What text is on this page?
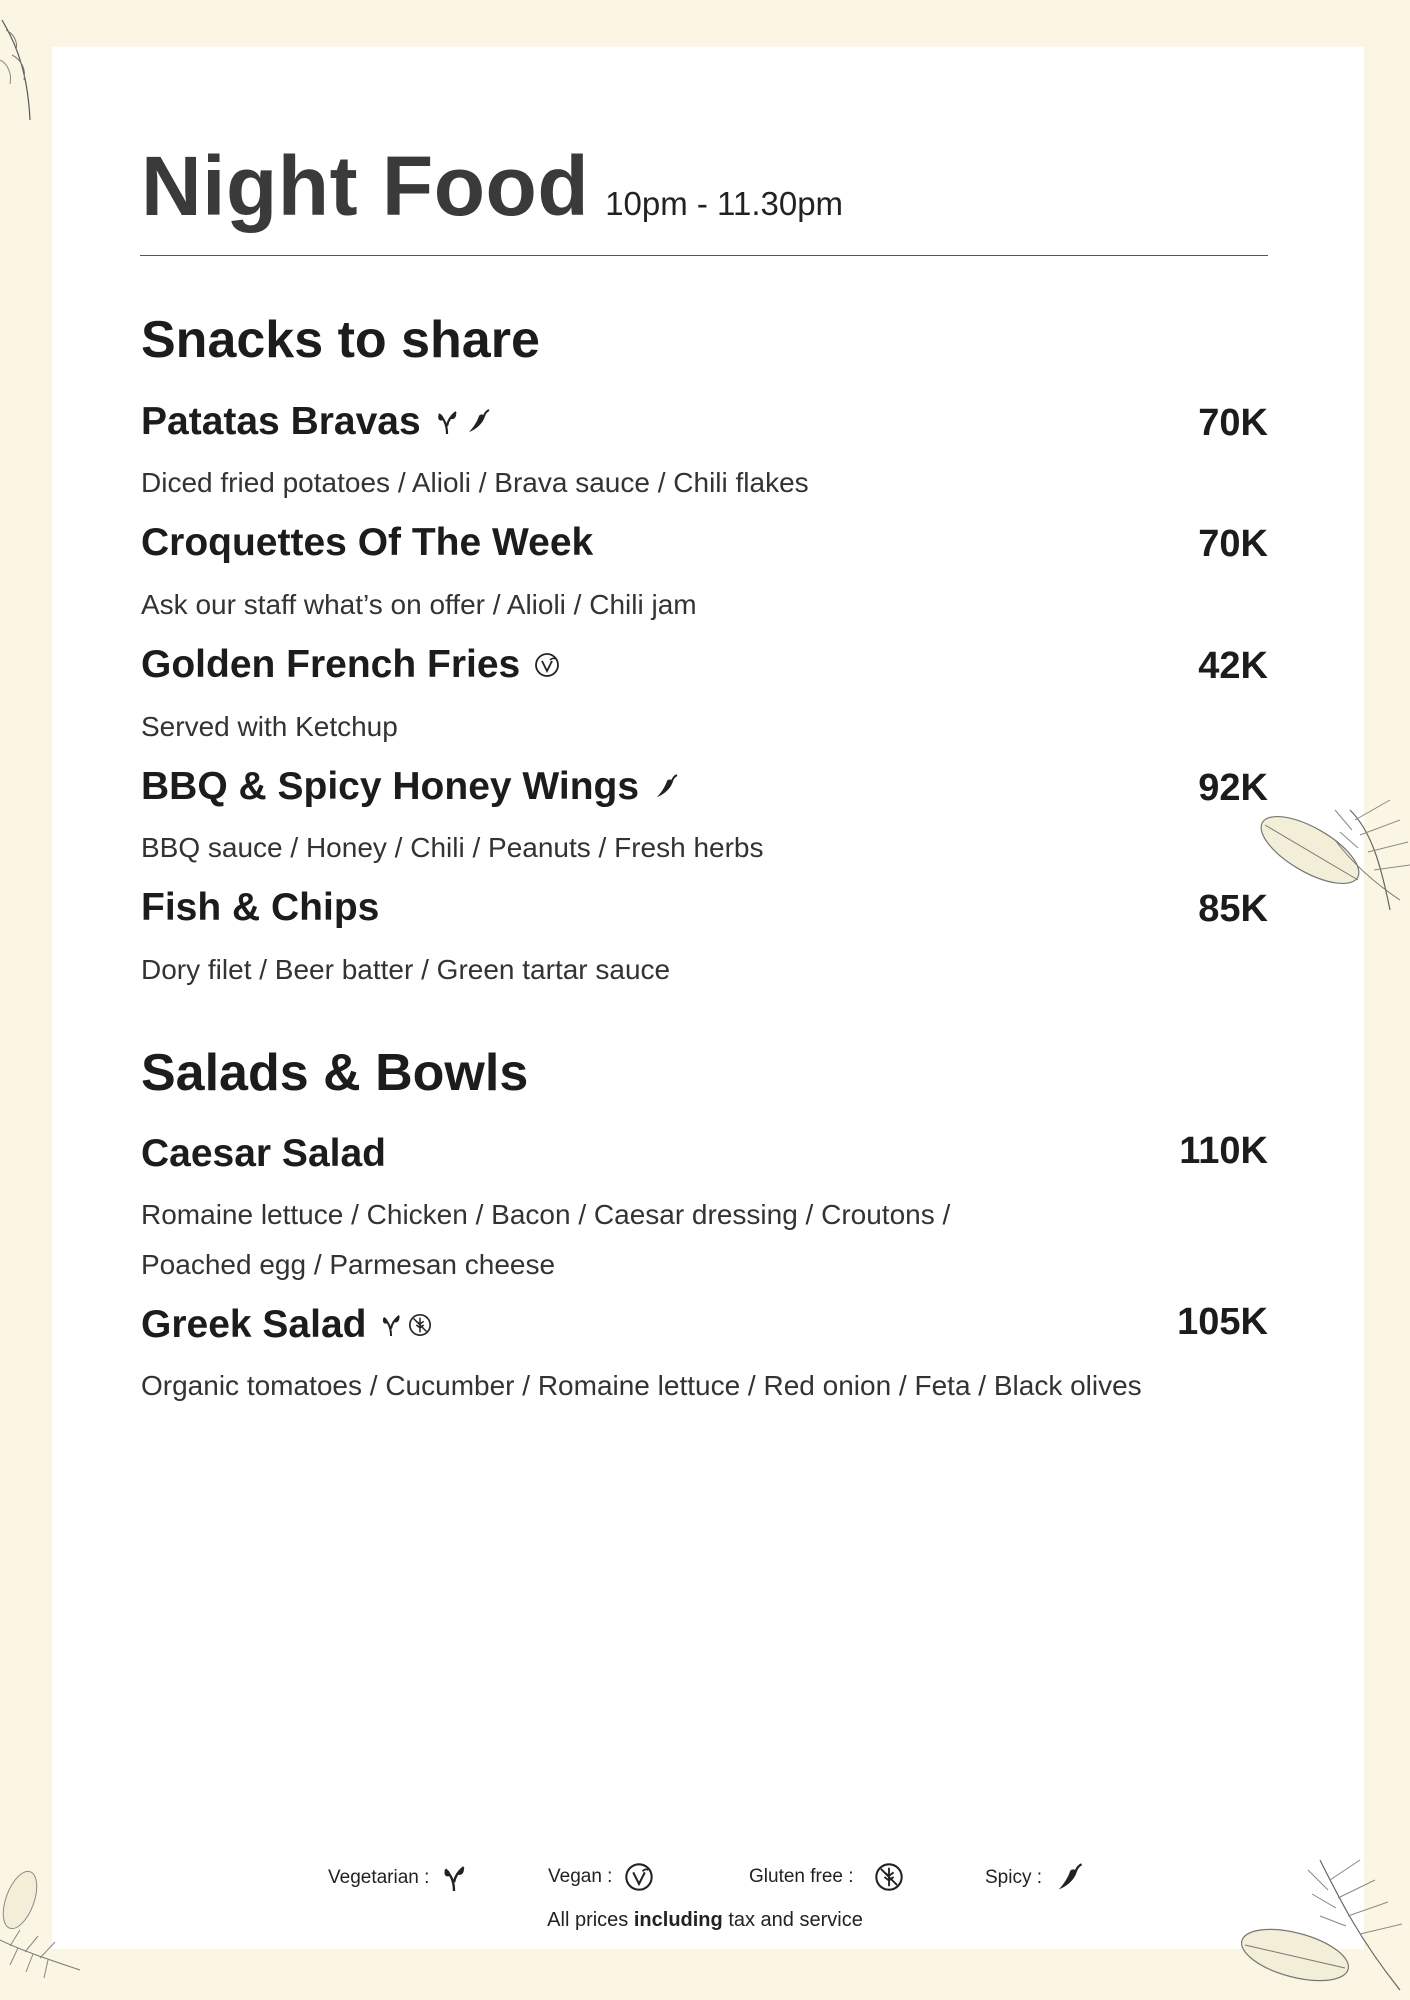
Night Food 10pm - 11.30pm
Snacks to share
Patatas Bravas	70K
Diced fried potatoes / Alioli / Brava sauce / Chili flakes
Croquettes Of The Week	70K
Ask our staff what’s on offer / Alioli / Chili jam
Golden French Fries	42K
Served with Ketchup
BBQ & Spicy Honey Wings	92K
BBQ sauce / Honey / Chili / Peanuts / Fresh herbs
Fish & Chips	85K
Dory filet / Beer batter / Green tartar sauce
Salads & Bowls
Caesar Salad	110K
Romaine lettuce / Chicken / Bacon / Caesar dressing / Croutons /
Poached egg / Parmesan cheese
Greek Salad	105K
Organic tomatoes / Cucumber / Romaine lettuce / Red onion / Feta / Black olives
Vegetarian :	Vegan :	Gluten free :	Spicy :
All prices including tax and service
